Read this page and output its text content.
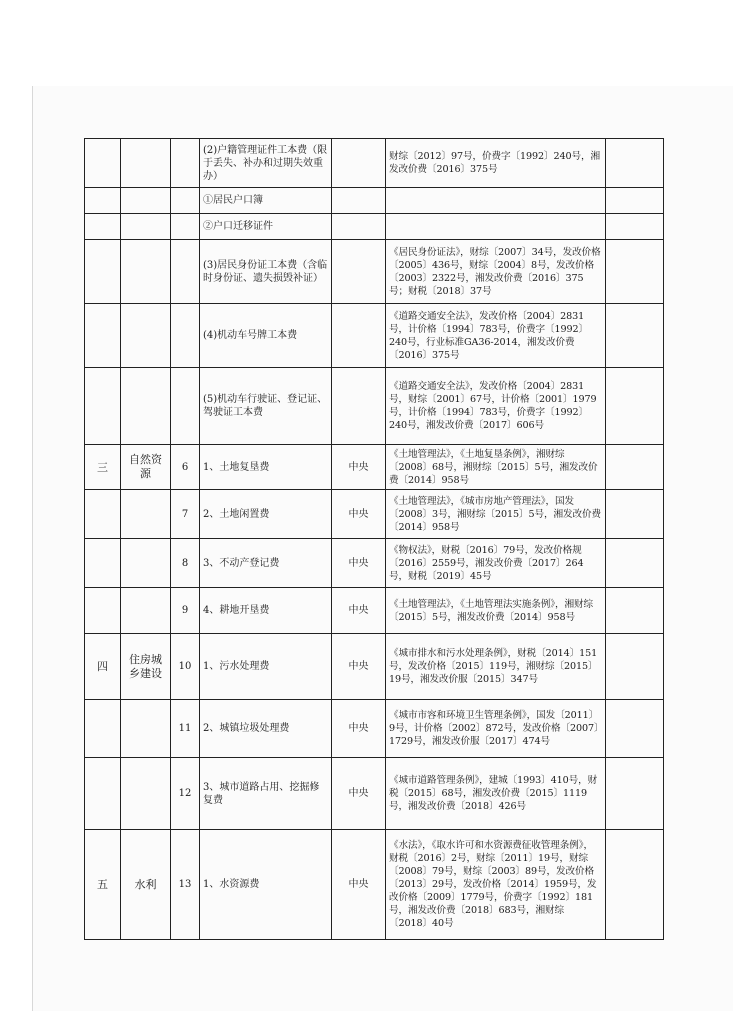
			(2)户籍管理证件工本费（限于丢失、补办和过期失效重办）		财综〔2012〕97号，价费字〔1992〕240号，湘发改价费〔2016〕375号	
			①居民户口簿			
			②户口迁移证件			
			(3)居民身份证工本费（含临时身份证、遗失损毁补证）		《居民身份证法》，财综〔2007〕34号，发改价格〔2005〕436号，财综〔2004〕8号，发改价格〔2003〕2322号，湘发改价费〔2016〕375号；财税〔2018〕37号	
			(4)机动车号牌工本费		《道路交通安全法》，发改价格〔2004〕2831号，计价格〔1994〕783号，价费字〔1992〕240号，行业标准GA36-2014，湘发改价费〔2016〕375号	
			(5)机动车行驶证、登记证、驾驶证工本费		《道路交通安全法》，发改价格〔2004〕2831号，财综〔2001〕67号，计价格〔2001〕1979号，计价格〔1994〕783号，价费字〔1992〕240号，湘发改价费〔2017〕606号	
三	自然资源	6	1、土地复垦费	中央	《土地管理法》，《土地复垦条例》，湘财综〔2008〕68号，湘财综〔2015〕5号，湘发改价费〔2014〕958号	
		7	2、土地闲置费	中央	《土地管理法》，《城市房地产管理法》，国发〔2008〕3号，湘财综〔2015〕5号，湘发改价费〔2014〕958号	
		8	3、不动产登记费	中央	《物权法》，财税〔2016〕79号，发改价格规〔2016〕2559号，湘发改价费〔2017〕264号，财税〔2019〕45号	
		9	4、耕地开垦费	中央	《土地管理法》，《土地管理法实施条例》，湘财综〔2015〕5号，湘发改价费〔2014〕958号	
四	住房城乡建设	10	1、污水处理费	中央	《城市排水和污水处理条例》，财税〔2014〕151号，发改价格〔2015〕119号，湘财综〔2015〕19号，湘发改价服〔2015〕347号	
		11	2、城镇垃圾处理费	中央	《城市市容和环境卫生管理条例》，国发〔2011〕9号，计价格〔2002〕872号，发改价格〔2007〕1729号，湘发改价服〔2017〕474号	
		12	3、城市道路占用、挖掘修复费	中央	《城市道路管理条例》，建城〔1993〕410号，财税〔2015〕68号，湘发改价费〔2015〕1119号，湘发改价费〔2018〕426号	
五	水利	13	1、水资源费	中央	《水法》，《取水许可和水资源费征收管理条例》，财税〔2016〕2号，财综〔2011〕19号，财综〔2008〕79号，财综〔2003〕89号，发改价格〔2013〕29号，发改价格〔2014〕1959号，发改价格〔2009〕1779号，价费字〔1992〕181号，湘发改价费〔2018〕683号，湘财综〔2018〕40号	
